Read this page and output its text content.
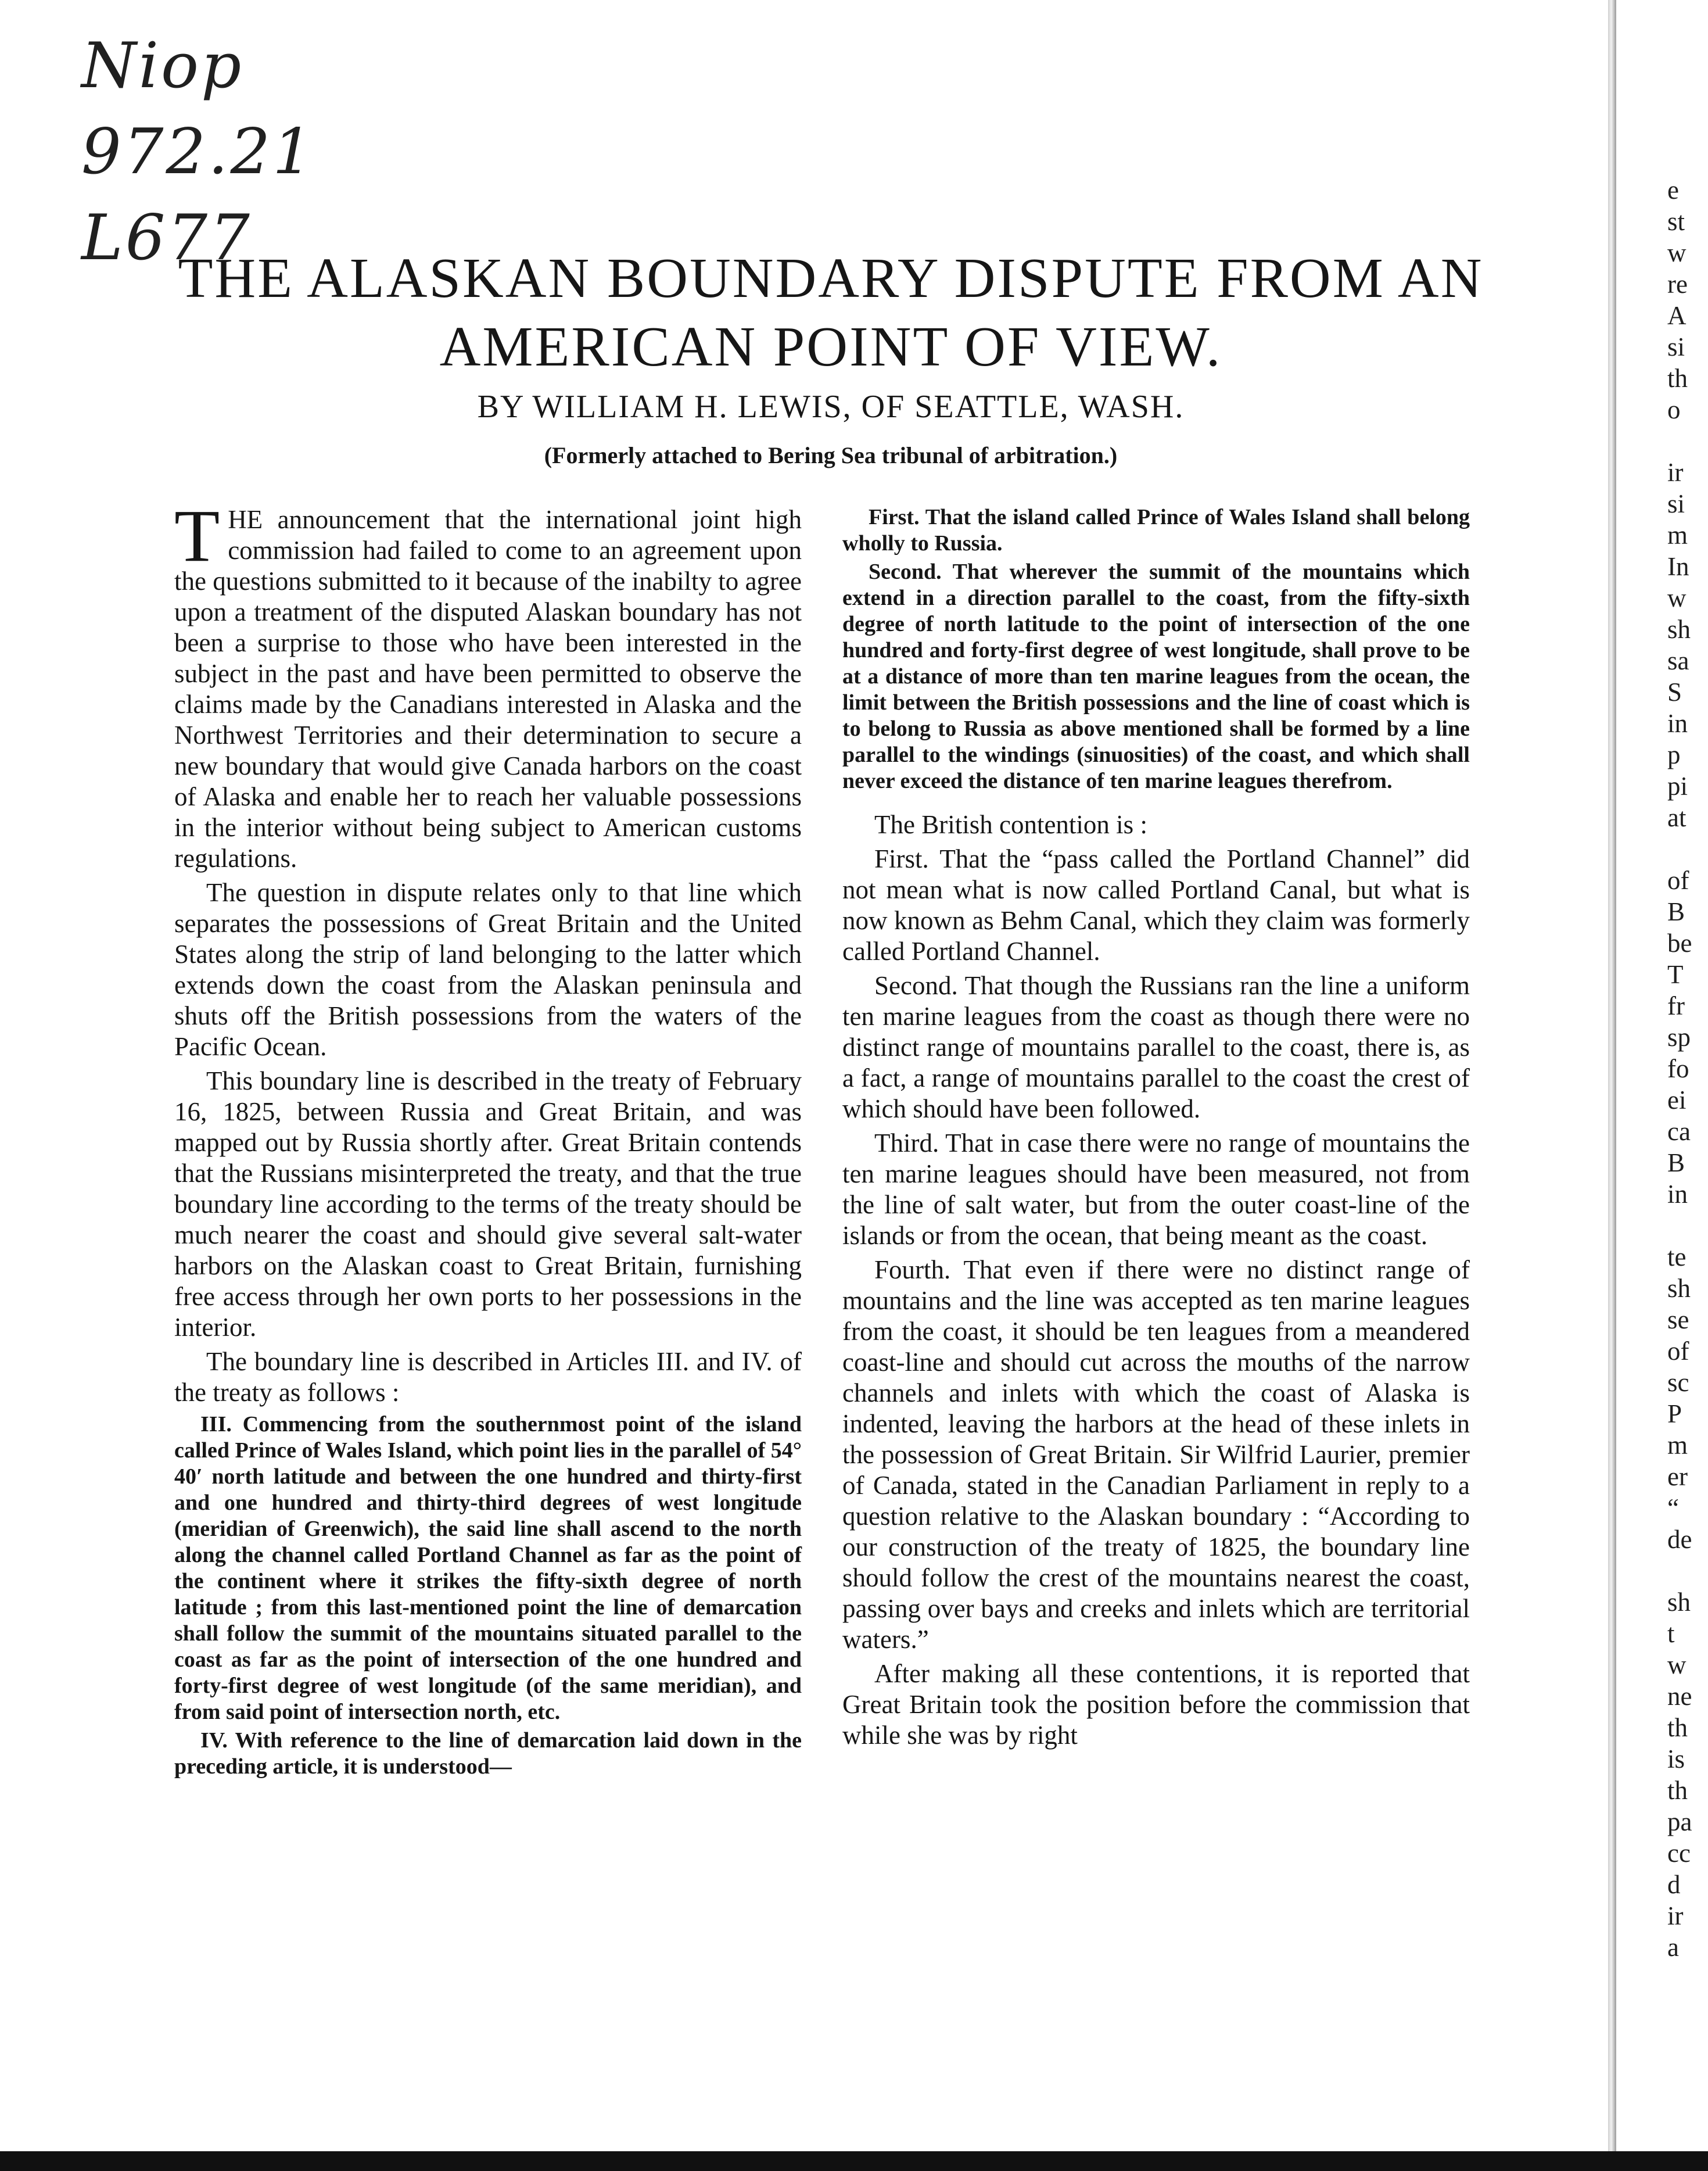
Niop
972.21
L677
THE ALASKAN BOUNDARY DISPUTE FROM AN
AMERICAN POINT OF VIEW.
BY WILLIAM H. LEWIS, OF SEATTLE, WASH.
(Formerly attached to Bering Sea tribunal of arbitration.)

THE announcement that the international joint high commission had failed to come to an agreement upon the questions submitted to it because of the inabilty to agree upon a treatment of the disputed Alaskan boundary has not been a surprise to those who have been interested in the subject in the past and have been permitted to observe the claims made by the Canadians interested in Alaska and the Northwest Territories and their determination to secure a new boundary that would give Canada harbors on the coast of Alaska and enable her to reach her valuable possessions in the interior without being subject to American customs regulations.

The question in dispute relates only to that line which separates the possessions of Great Britain and the United States along the strip of land belonging to the latter which extends down the coast from the Alaskan peninsula and shuts off the British possessions from the waters of the Pacific Ocean.

This boundary line is described in the treaty of February 16, 1825, between Russia and Great Britain, and was mapped out by Russia shortly after. Great Britain contends that the Russians misinterpreted the treaty, and that the true boundary line according to the terms of the treaty should be much nearer the coast and should give several salt-water harbors on the Alaskan coast to Great Britain, furnishing free access through her own ports to her possessions in the interior.

The boundary line is described in Articles III. and IV. of the treaty as follows :

III. Commencing from the southernmost point of the island called Prince of Wales Island, which point lies in the parallel of 54° 40′ north latitude and between the one hundred and thirty-first and one hundred and thirty-third degrees of west longitude (meridian of Greenwich), the said line shall ascend to the north along the channel called Portland Channel as far as the point of the continent where it strikes the fifty-sixth degree of north latitude ; from this last-mentioned point the line of demarcation shall follow the summit of the mountains situated parallel to the coast as far as the point of intersection of the one hundred and forty-first degree of west longitude (of the same meridian), and from said point of intersection north, etc.

IV. With reference to the line of demarcation laid down in the preceding article, it is understood—

First. That the island called Prince of Wales Island shall belong wholly to Russia.

Second. That wherever the summit of the mountains which extend in a direction parallel to the coast, from the fifty-sixth degree of north latitude to the point of intersection of the one hundred and forty-first degree of west longitude, shall prove to be at a distance of more than ten marine leagues from the ocean, the limit between the British possessions and the line of coast which is to belong to Russia as above mentioned shall be formed by a line parallel to the windings (sinuosities) of the coast, and which shall never exceed the distance of ten marine leagues therefrom.

The British contention is :

First. That the “pass called the Portland Channel” did not mean what is now called Portland Canal, but what is now known as Behm Canal, which they claim was formerly called Portland Channel.

Second. That though the Russians ran the line a uniform ten marine leagues from the coast as though there were no distinct range of mountains parallel to the coast, there is, as a fact, a range of mountains parallel to the coast the crest of which should have been followed.

Third. That in case there were no range of mountains the ten marine leagues should have been measured, not from the line of salt water, but from the outer coast-line of the islands or from the ocean, that being meant as the coast.

Fourth. That even if there were no distinct range of mountains and the line was accepted as ten marine leagues from the coast, it should be ten leagues from a meandered coast-line and should cut across the mouths of the narrow channels and inlets with which the coast of Alaska is indented, leaving the harbors at the head of these inlets in the possession of Great Britain. Sir Wilfrid Laurier, premier of Canada, stated in the Canadian Parliament in reply to a question relative to the Alaskan boundary : “According to our construction of the treaty of 1825, the boundary line should follow the crest of the mountains nearest the coast, passing over bays and creeks and inlets which are territorial waters.”

After making all these contentions, it is reported that Great Britain took the position before the commission that while she was by right

e
st
w
re
A
si
th
o
ir
si
m
In
w
sh
sa
S
in
p
pi
at
of
B
be
T
fr
sp
fo
ei
ca
B
in
te
sh
se
of
sc
P
m
er
“
de
sh
t
w
ne
th
is
th
pa
cc
d
ir
a
